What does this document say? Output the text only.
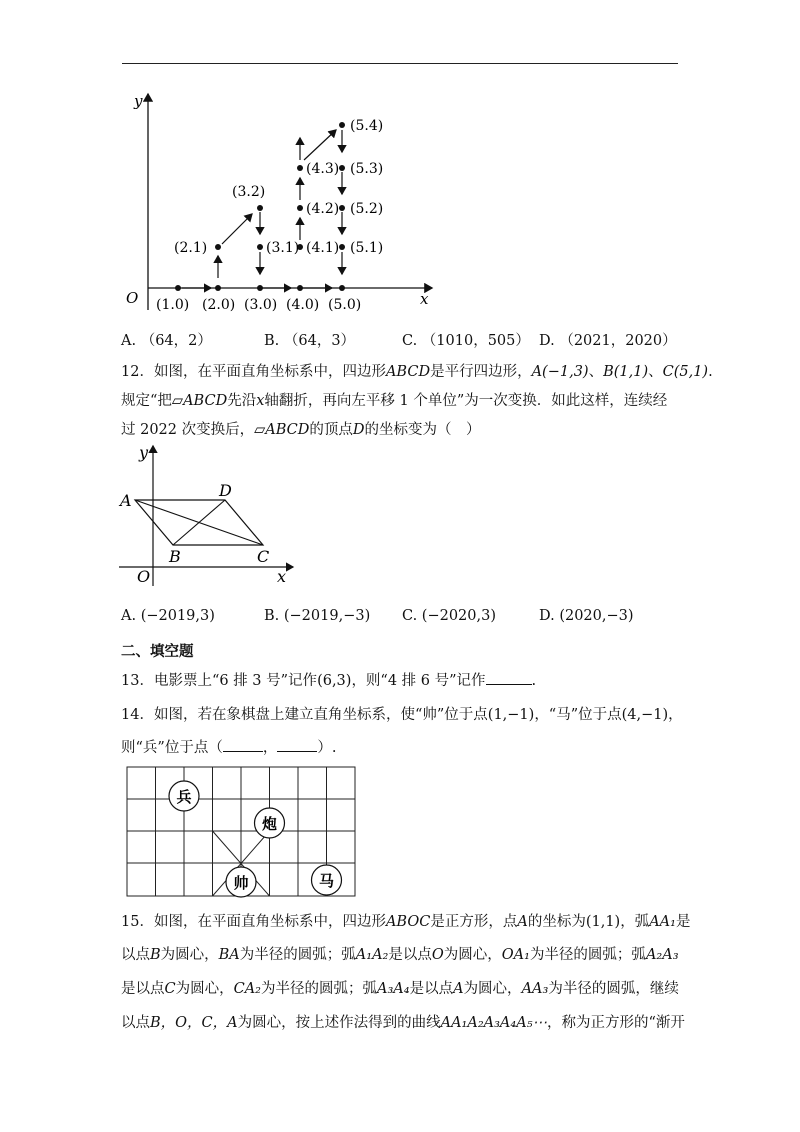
y
x
O (1.0) (2.0) (3.0) (4.0) (5.0)
(2.1)
(3.2)
(3.1) (4.1)
(4.2)
(4.3)
(5.4)
(5.3)
(5.2)
(5.1)
A. （64，2）	B. （64，3）	C. （1010，505） D. （2021，2020）
12．如图，在平面直角坐标系中，四边形ABCD是平行四边形，A(−1,3)、B(1,1)、C(5,1).
规定“把▱ABCD先沿x轴翻折，再向左平移 1 个单位”为一次变换．如此这样，连续经
过 2022 次变换后，▱ABCD的顶点D的坐标变为（　）
y
x
O
A
D
B	C
A. (−2019,3)	B. (−2019,−3) C. (−2020,3)	D. (2020,−3)
二、填空题
13．电影票上“6 排 3 号”记作(6,3)，则“4 排 6 号”记作	.
14．如图，若在象棋盘上建立直角坐标系，使“帅”位于点(1,−1)，“马”位于点(4,−1)，
则“兵”位于点（	，	）.
兵
炮
帅	马
15．如图，在平面直角坐标系中，四边形ABOC是正方形，点A的坐标为(1,1)，弧AA₁是
以点B为圆心，BA为半径的圆弧；弧A₁A₂是以点O为圆心，OA₁为半径的圆弧；弧A₂A₃
是以点C为圆心，CA₂为半径的圆弧；弧A₃A₄是以点A为圆心，AA₃为半径的圆弧，继续
以点B，O，C，A为圆心，按上述作法得到的曲线AA₁A₂A₃A₄A₅⋯，称为正方形的“渐开
